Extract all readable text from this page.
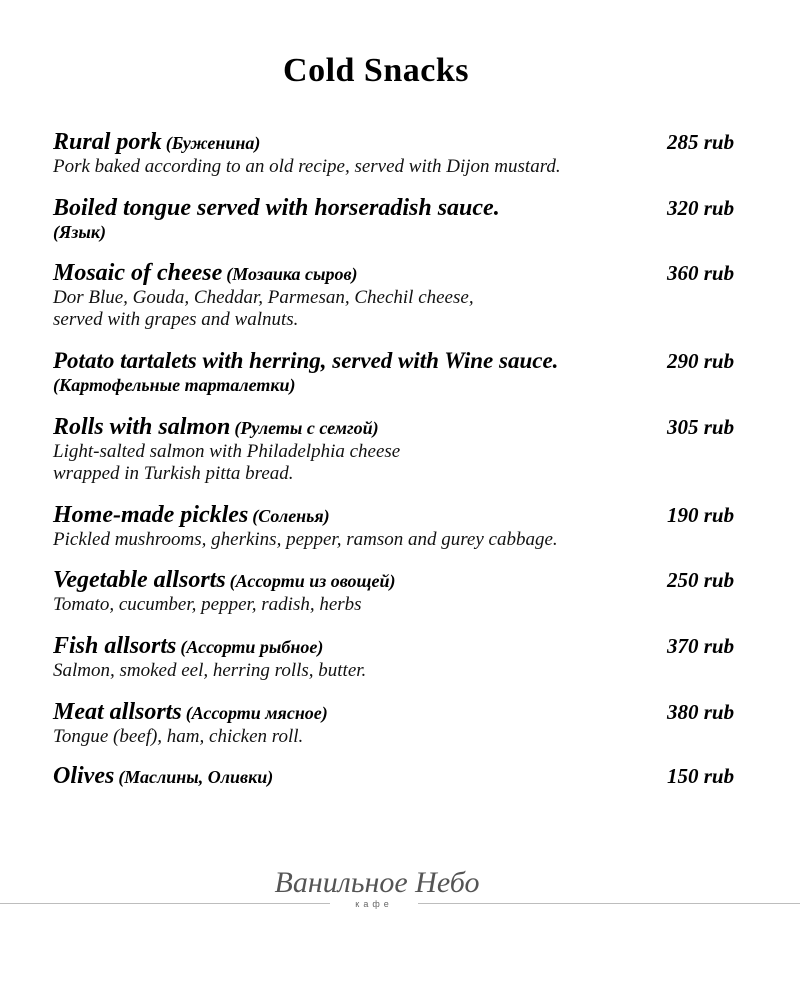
Cold Snacks
Rural pork (Буженина)	285 rub
Pork baked according to an old recipe, served with Dijon mustard.
Boiled tongue served with horseradish sauce.	320 rub
(Язык)
Mosaic of cheese (Мозаика сыров)	360 rub
Dor Blue, Gouda, Cheddar, Parmesan, Chechil cheese,
served with grapes and walnuts.
Potato tartalets with herring, served with Wine sauce.	290 rub
(Картофельные тарталетки)
Rolls with salmon (Рулеты с семгой)	305 rub
Light-salted salmon with Philadelphia cheese
wrapped in Turkish pitta bread.
Home-made pickles (Соленья)	190 rub
Pickled mushrooms, gherkins, pepper, ramson and gurey cabbage.
Vegetable allsorts (Ассорти из овощей)	250 rub
Tomato, cucumber, pepper, radish, herbs
Fish allsorts (Ассорти рыбное)	370 rub
Salmon, smoked eel, herring rolls, butter.
Meat allsorts (Ассорти мясное)	380 rub
Tongue (beef), ham, chicken roll.
Olives (Маслины, Оливки)	150 rub
Ванильное Небо
кафе
